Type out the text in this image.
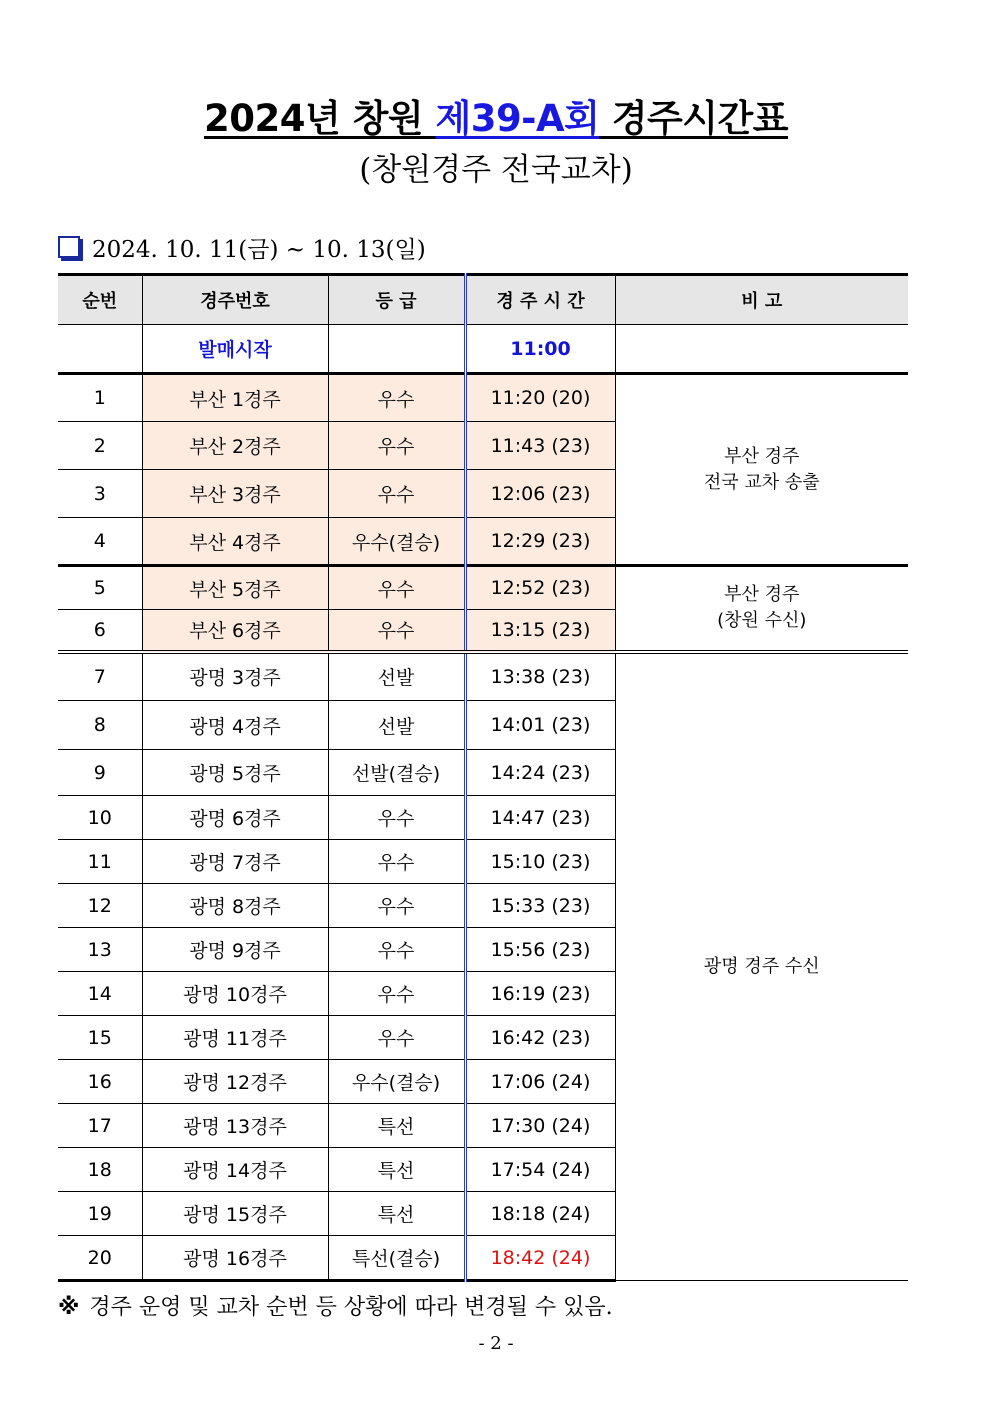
2024년 창원 제39-A회 경주시간표
(창원경주 전국교차)
2024. 10. 11(금) ~ 10. 13(일)
순번	경주번호	등 급	경 주 시 간	비 고
	발매시작		11:00	
1	부산 1경주	우수	11:20 (20)	부산 경주
전국 교차 송출
2	부산 2경주	우수	11:43 (23)	
3	부산 3경주	우수	12:06 (23)	
4	부산 4경주	우수(결승)	12:29 (23)	
5	부산 5경주	우수	12:52 (23)	부산 경주
(창원 수신)
6	부산 6경주	우수	13:15 (23)	
7	광명 3경주	선발	13:38 (23)	광명 경주 수신
8	광명 4경주	선발	14:01 (23)	
9	광명 5경주	선발(결승)	14:24 (23)	
10	광명 6경주	우수	14:47 (23)	
11	광명 7경주	우수	15:10 (23)	
12	광명 8경주	우수	15:33 (23)	
13	광명 9경주	우수	15:56 (23)	
14	광명 10경주	우수	16:19 (23)	
15	광명 11경주	우수	16:42 (23)	
16	광명 12경주	우수(결승)	17:06 (24)	
17	광명 13경주	특선	17:30 (24)	
18	광명 14경주	특선	17:54 (24)	
19	광명 15경주	특선	18:18 (24)	
20	광명 16경주	특선(결승)	18:42 (24)	
※ 경주 운영 및 교차 순번 등 상황에 따라 변경될 수 있음.
- 2 -
